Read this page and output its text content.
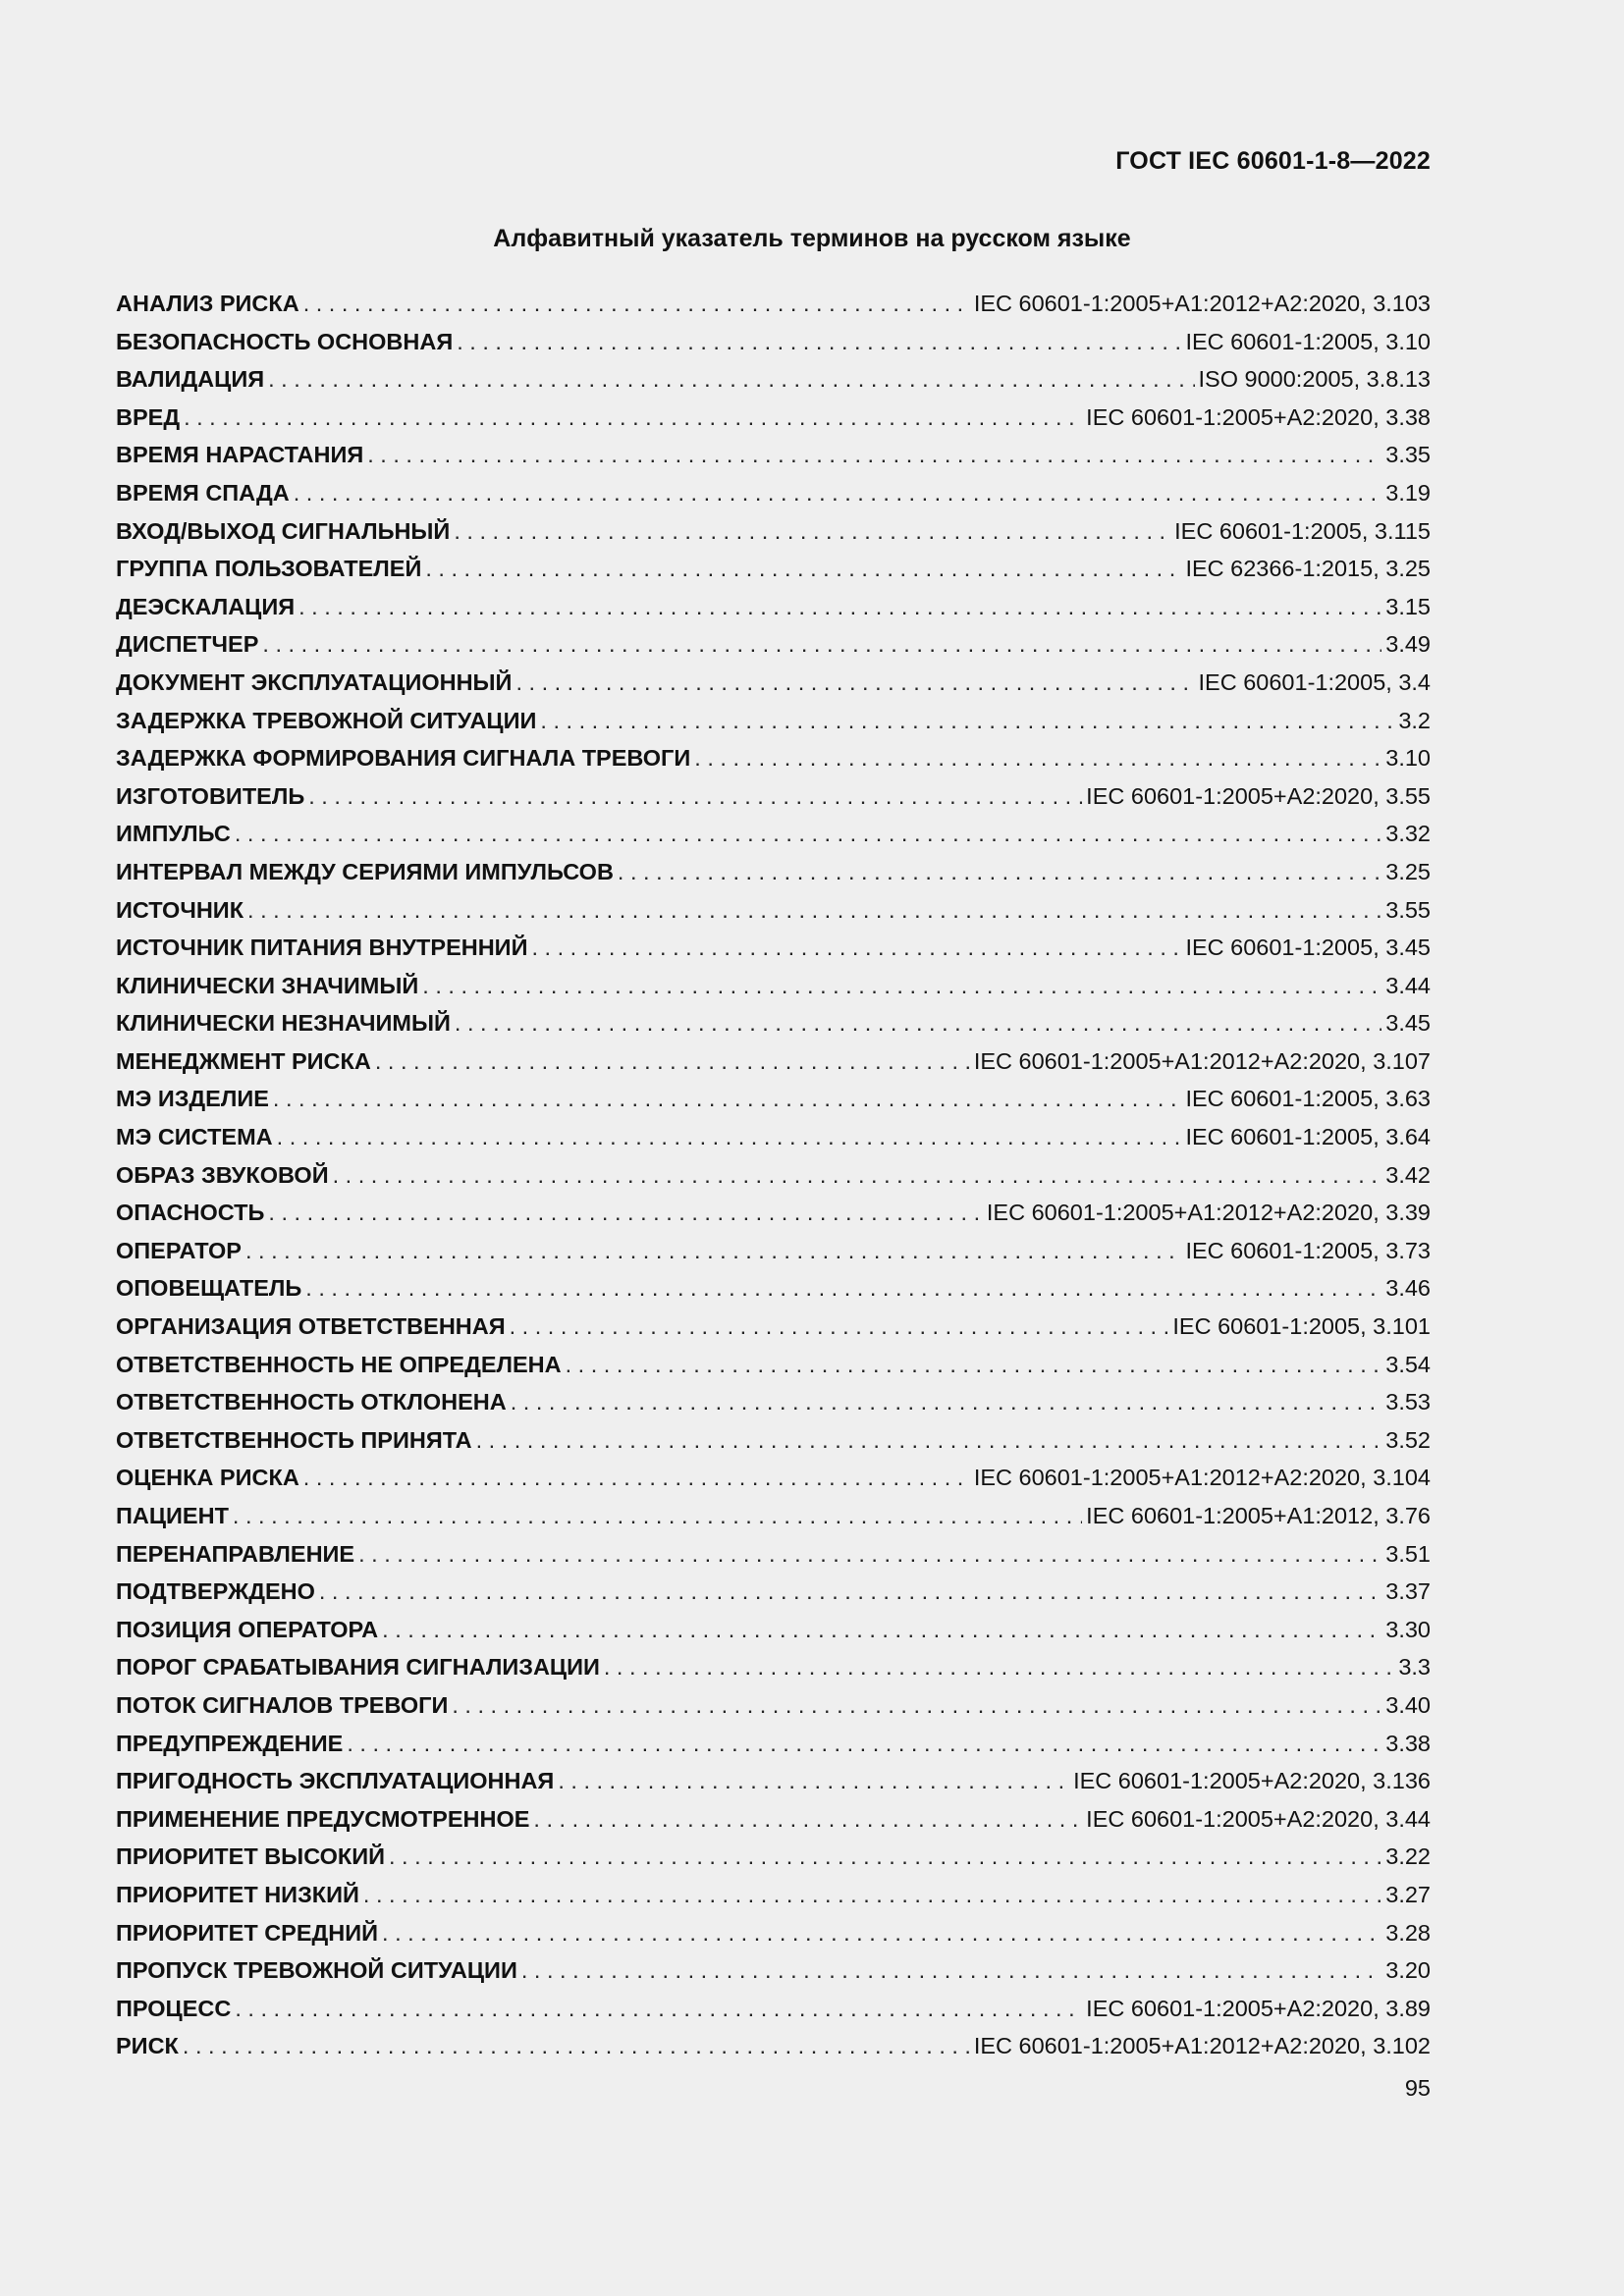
ГОСТ IEC 60601-1-8—2022
Алфавитный указатель терминов на русском языке
АНАЛИЗ РИСКА . . .	IEC 60601-1:2005+A1:2012+A2:2020, 3.103
БЕЗОПАСНОСТЬ ОСНОВНАЯ . . .	IEC 60601-1:2005, 3.10
ВАЛИДАЦИЯ . . .	ISO 9000:2005, 3.8.13
ВРЕД . . .	IEC 60601-1:2005+A2:2020, 3.38
ВРЕМЯ НАРАСТАНИЯ . . .	3.35
ВРЕМЯ СПАДА . . .	3.19
ВХОД/ВЫХОД СИГНАЛЬНЫЙ . . .	IEC 60601-1:2005, 3.115
ГРУППА ПОЛЬЗОВАТЕЛЕЙ . . .	IEC 62366-1:2015, 3.25
ДЕЭСКАЛАЦИЯ . . .	3.15
ДИСПЕТЧЕР . . .	3.49
ДОКУМЕНТ ЭКСПЛУАТАЦИОННЫЙ . . .	IEC 60601-1:2005, 3.4
ЗАДЕРЖКА ТРЕВОЖНОЙ СИТУАЦИИ . . .	3.2
ЗАДЕРЖКА ФОРМИРОВАНИЯ СИГНАЛА ТРЕВОГИ . . .	3.10
ИЗГОТОВИТЕЛЬ . . .	IEC 60601-1:2005+A2:2020, 3.55
ИМПУЛЬС . . .	3.32
ИНТЕРВАЛ МЕЖДУ СЕРИЯМИ ИМПУЛЬСОВ . . .	3.25
ИСТОЧНИК . . .	3.55
ИСТОЧНИК ПИТАНИЯ ВНУТРЕННИЙ . . .	IEC 60601-1:2005, 3.45
КЛИНИЧЕСКИ ЗНАЧИМЫЙ . . .	3.44
КЛИНИЧЕСКИ НЕЗНАЧИМЫЙ . . .	3.45
МЕНЕДЖМЕНТ РИСКА . . .	IEC 60601-1:2005+A1:2012+A2:2020, 3.107
МЭ ИЗДЕЛИЕ . . .	IEC 60601-1:2005, 3.63
МЭ СИСТЕМА . . .	IEC 60601-1:2005, 3.64
ОБРАЗ ЗВУКОВОЙ . . .	3.42
ОПАСНОСТЬ . . .	IEC 60601-1:2005+A1:2012+A2:2020, 3.39
ОПЕРАТОР . . .	IEC 60601-1:2005, 3.73
ОПОВЕЩАТЕЛЬ . . .	3.46
ОРГАНИЗАЦИЯ ОТВЕТСТВЕННАЯ . . .	IEC 60601-1:2005, 3.101
ОТВЕТСТВЕННОСТЬ НЕ ОПРЕДЕЛЕНА . . .	3.54
ОТВЕТСТВЕННОСТЬ ОТКЛОНЕНА . . .	3.53
ОТВЕТСТВЕННОСТЬ ПРИНЯТА . . .	3.52
ОЦЕНКА РИСКА . . .	IEC 60601-1:2005+A1:2012+A2:2020, 3.104
ПАЦИЕНТ . . .	IEC 60601-1:2005+A1:2012, 3.76
ПЕРЕНАПРАВЛЕНИЕ . . .	3.51
ПОДТВЕРЖДЕНО . . .	3.37
ПОЗИЦИЯ ОПЕРАТОРА . . .	3.30
ПОРОГ СРАБАТЫВАНИЯ СИГНАЛИЗАЦИИ . . .	3.3
ПОТОК СИГНАЛОВ ТРЕВОГИ . . .	3.40
ПРЕДУПРЕЖДЕНИЕ . . .	3.38
ПРИГОДНОСТЬ ЭКСПЛУАТАЦИОННАЯ . . .	IEC 60601-1:2005+A2:2020, 3.136
ПРИМЕНЕНИЕ ПРЕДУСМОТРЕННОЕ . . .	IEC 60601-1:2005+A2:2020, 3.44
ПРИОРИТЕТ ВЫСОКИЙ . . .	3.22
ПРИОРИТЕТ НИЗКИЙ . . .	3.27
ПРИОРИТЕТ СРЕДНИЙ . . .	3.28
ПРОПУСК ТРЕВОЖНОЙ СИТУАЦИИ . . .	3.20
ПРОЦЕСС . . .	IEC 60601-1:2005+A2:2020, 3.89
РИСК . . .	IEC 60601-1:2005+A1:2012+A2:2020, 3.102
95
